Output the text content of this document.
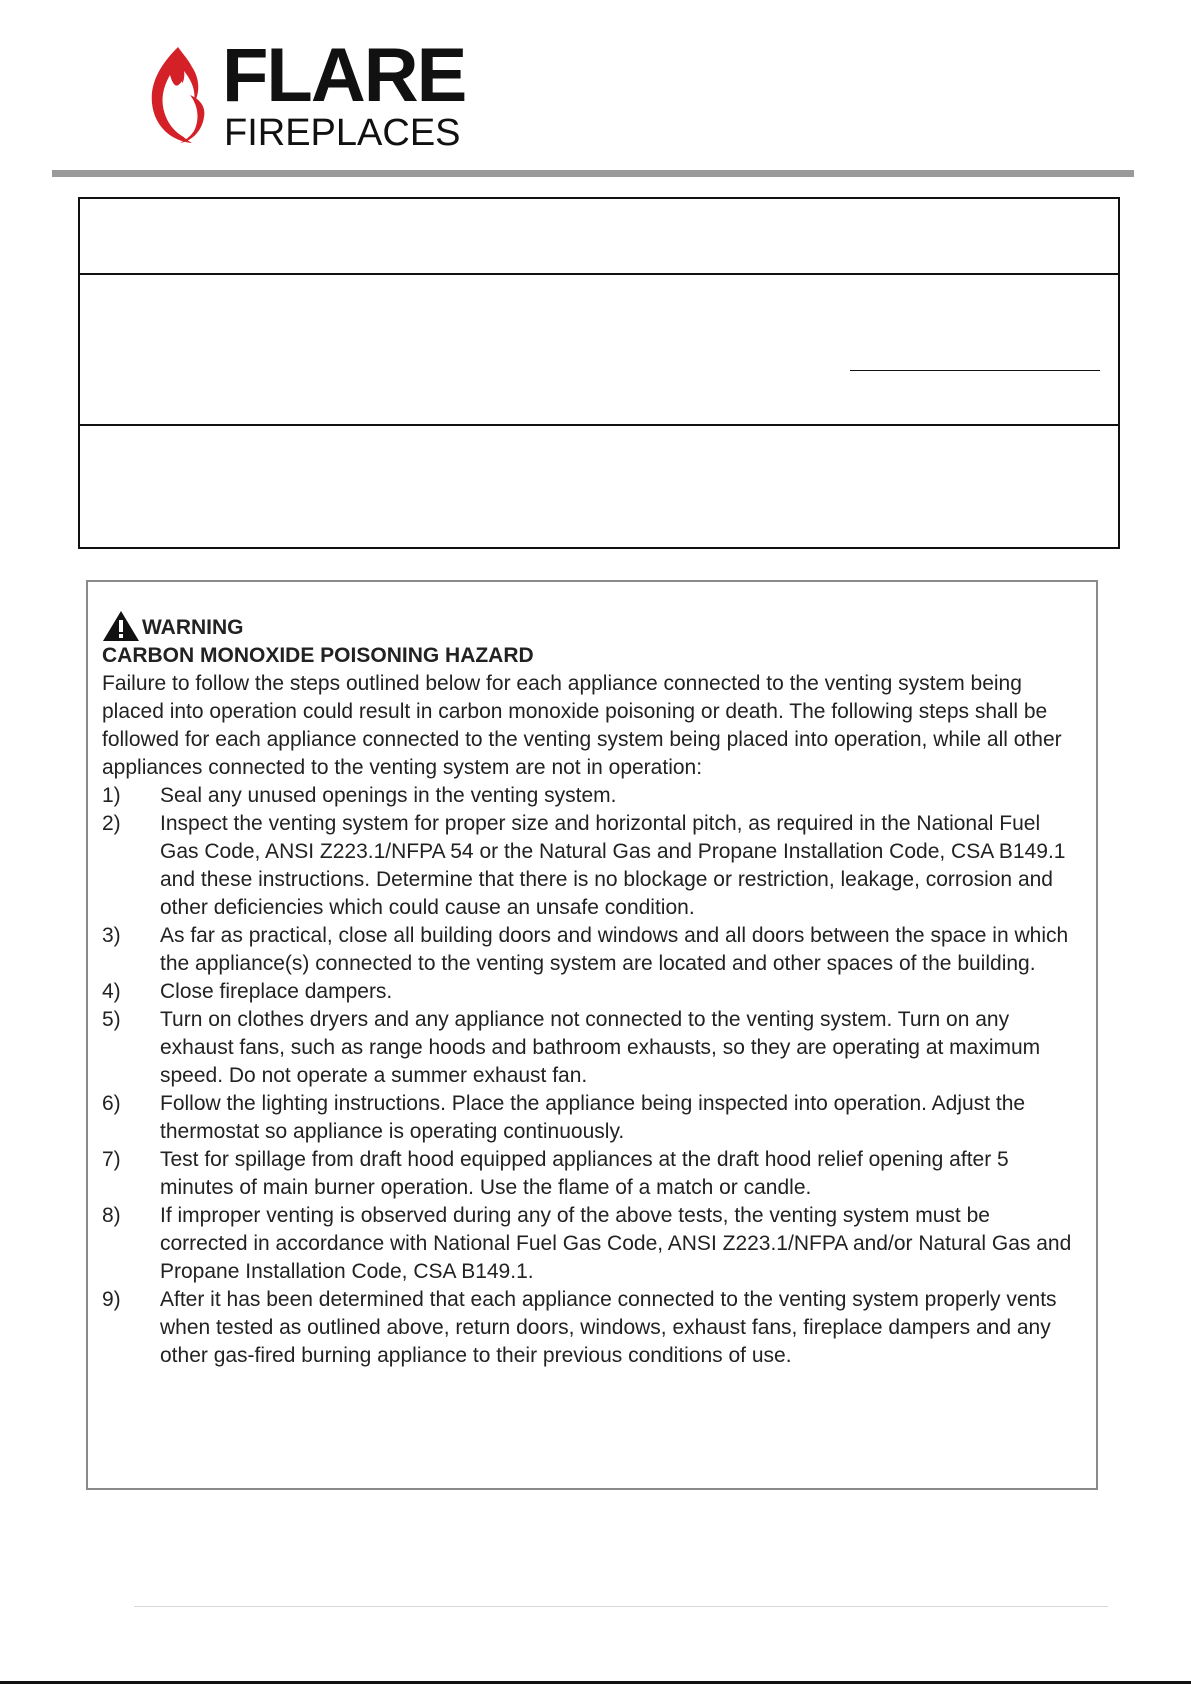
FLARE
FIREPLACES
WARNING
CARBON MONOXIDE POISONING HAZARD
Failure to follow the steps outlined below for each appliance connected to the venting system being placed into operation could result in carbon monoxide poisoning or death. The following steps shall be followed for each appliance connected to the venting system being placed into operation, while all other appliances connected to the venting system are not in operation:
1)	Seal any unused openings in the venting system.
2)	Inspect the venting system for proper size and horizontal pitch, as required in the National Fuel Gas Code, ANSI Z223.1/NFPA 54 or the Natural Gas and Propane Installation Code, CSA B149.1 and these instructions. Determine that there is no blockage or restriction, leakage, corrosion and other deficiencies which could cause an unsafe condition.
3)	As far as practical, close all building doors and windows and all doors between the space in which the appliance(s) connected to the venting system are located and other spaces of the building.
4)	Close fireplace dampers.
5)	Turn on clothes dryers and any appliance not connected to the venting system. Turn on any exhaust fans, such as range hoods and bathroom exhausts, so they are operating at maximum speed. Do not operate a summer exhaust fan.
6)	Follow the lighting instructions. Place the appliance being inspected into operation. Adjust the thermostat so appliance is operating continuously.
7)	Test for spillage from draft hood equipped appliances at the draft hood relief opening after 5 minutes of main burner operation. Use the flame of a match or candle.
8)	If improper venting is observed during any of the above tests, the venting system must be corrected in accordance with National Fuel Gas Code, ANSI Z223.1/NFPA and/or Natural Gas and Propane Installation Code, CSA B149.1.
9)	After it has been determined that each appliance connected to the venting system properly vents when tested as outlined above, return doors, windows, exhaust fans, fireplace dampers and any other gas-fired burning appliance to their previous conditions of use.
